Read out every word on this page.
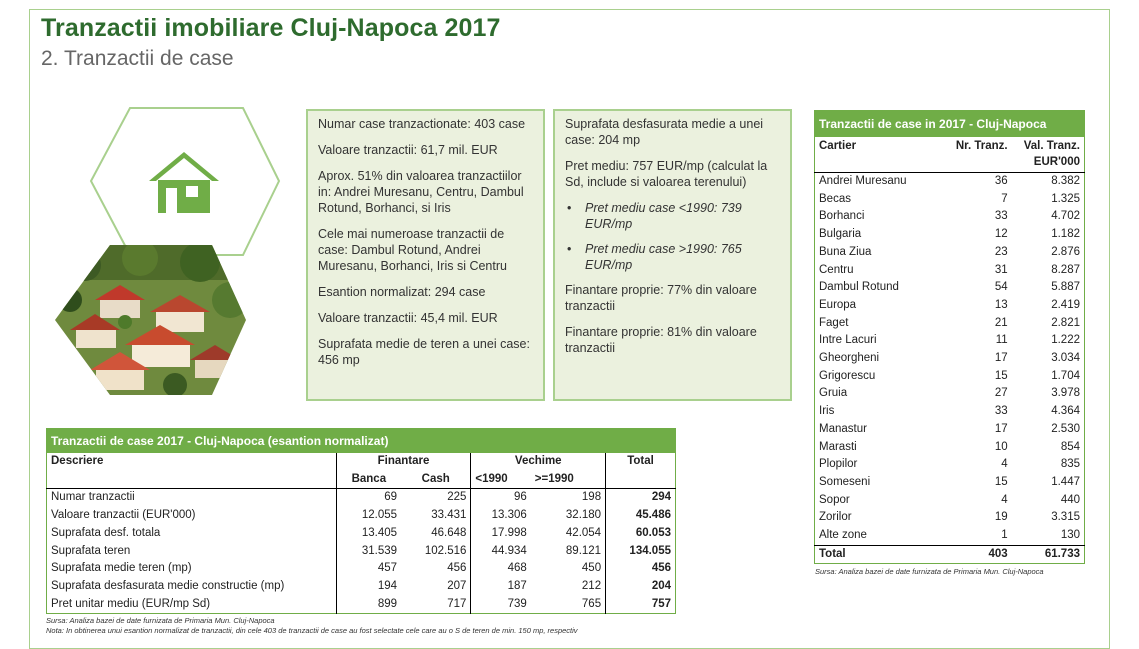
Tranzactii imobiliare Cluj-Napoca 2017
2. Tranzactii de case

Numar case tranzactionate: 403 case

Valoare tranzactii: 61,7 mil. EUR

Aprox. 51% din valoarea tranzactiilor in: Andrei Muresanu, Centru, Dambul Rotund, Borhanci, si Iris

Cele mai numeroase tranzactii de case: Dambul Rotund, Andrei Muresanu, Borhanci, Iris si Centru

Esantion normalizat: 294 case

Valoare tranzactii: 45,4 mil. EUR

Suprafata medie de teren a unei case: 456 mp

Suprafata desfasurata medie a unei case: 204 mp

Pret mediu: 757 EUR/mp (calculat la Sd, include si valoarea terenului)

• Pret mediu case <1990: 739 EUR/mp

• Pret mediu case >1990: 765 EUR/mp

Finantare proprie: 77% din valoare tranzactii

Finantare proprie: 81% din valoare tranzactii

Tranzactii de case 2017 - Cluj-Napoca (esantion normalizat)					
Descriere	Finantare		Vechime		Total
	Banca	Cash	<1990	>=1990	
Numar tranzactii	69	225	96	198	294
Valoare tranzactii (EUR'000)	12.055	33.431	13.306	32.180	45.486
Suprafata desf. totala	13.405	46.648	17.998	42.054	60.053
Suprafata teren	31.539	102.516	44.934	89.121	134.055
Suprafata medie teren (mp)	457	456	468	450	456
Suprafata desfasurata medie constructie (mp)	194	207	187	212	204
Pret unitar mediu (EUR/mp Sd)	899	717	739	765	757
Sursa: Analiza bazei de date furnizata de Primaria Mun. Cluj-Napoca
Nota: In obtinerea unui esantion normalizat de tranzactii, din cele 403 de tranzactii de case au fost selectate cele care au o S de teren de min. 150 mp, respectiv
Tranzactii de case in 2017 - Cluj-Napoca		
Cartier	Nr. Tranz.	Val. Tranz.
EUR'000
Andrei Muresanu	36	8.382
Becas	7	1.325
Borhanci	33	4.702
Bulgaria	12	1.182
Buna Ziua	23	2.876
Centru	31	8.287
Dambul Rotund	54	5.887
Europa	13	2.419
Faget	21	2.821
Intre Lacuri	11	1.222
Gheorgheni	17	3.034
Grigorescu	15	1.704
Gruia	27	3.978
Iris	33	4.364
Manastur	17	2.530
Marasti	10	854
Plopilor	4	835
Someseni	15	1.447
Sopor	4	440
Zorilor	19	3.315
Alte zone	1	130
Total	403	61.733
Sursa: Analiza bazei de date furnizata de Primaria Mun. Cluj-Napoca
